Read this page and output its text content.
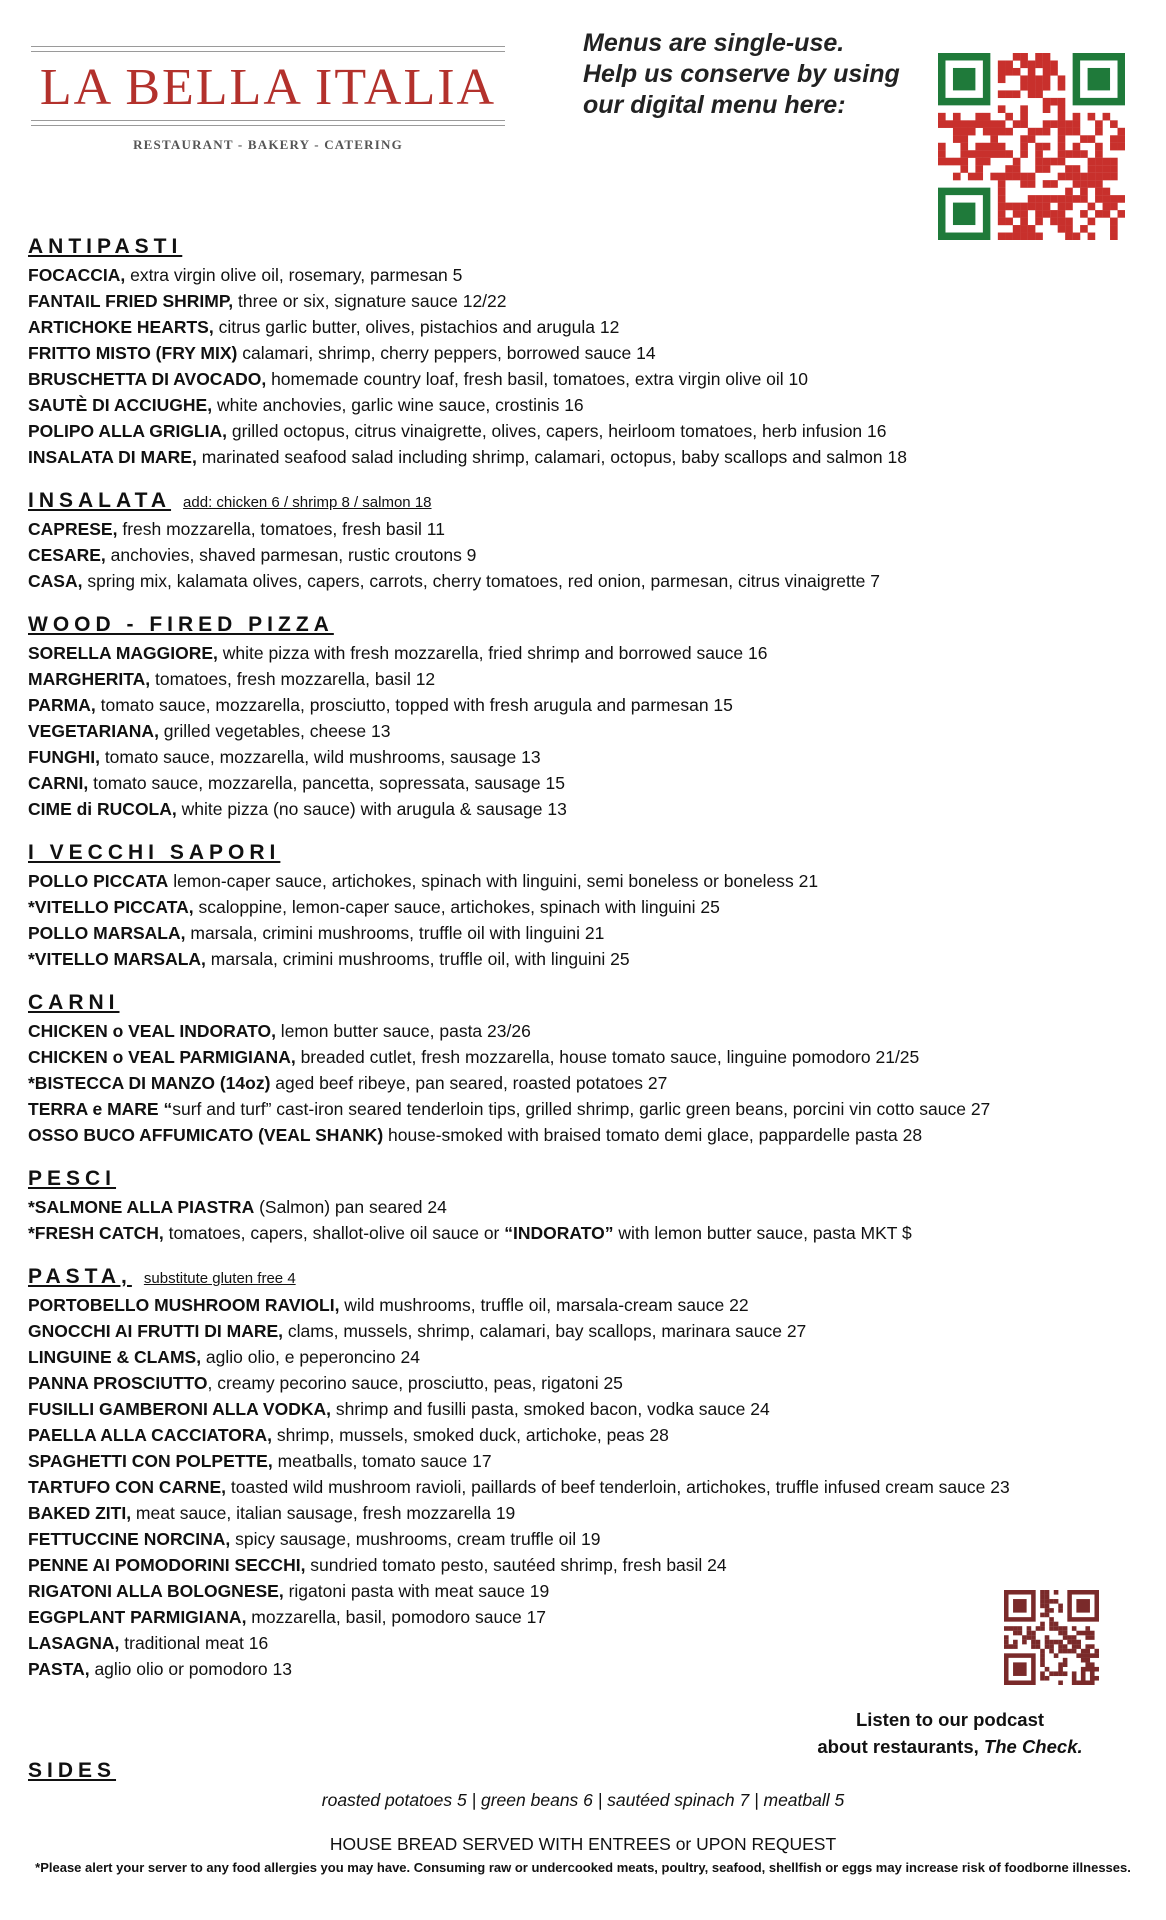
LA BELLA ITALIA
RESTAURANT - BAKERY - CATERING
Menus are single-use.
Help us conserve by using
our digital menu here:
ANTIPASTI
FOCACCIA, extra virgin olive oil, rosemary, parmesan 5
FANTAIL FRIED SHRIMP, three or six, signature sauce 12/22
ARTICHOKE HEARTS, citrus garlic butter, olives, pistachios and arugula 12
FRITTO MISTO (FRY MIX) calamari, shrimp, cherry peppers, borrowed sauce 14
BRUSCHETTA DI AVOCADO, homemade country loaf, fresh basil, tomatoes, extra virgin olive oil 10
SAUTÈ DI ACCIUGHE, white anchovies, garlic wine sauce, crostinis 16
POLIPO ALLA GRIGLIA, grilled octopus, citrus vinaigrette, olives, capers, heirloom tomatoes, herb infusion 16
INSALATA DI MARE, marinated seafood salad including shrimp, calamari, octopus, baby scallops and salmon 18
INSALATA add: chicken 6 / shrimp 8 / salmon 18
CAPRESE, fresh mozzarella, tomatoes, fresh basil 11
CESARE, anchovies, shaved parmesan, rustic croutons 9
CASA, spring mix, kalamata olives, capers, carrots, cherry tomatoes, red onion, parmesan, citrus vinaigrette 7
WOOD - FIRED PIZZA
SORELLA MAGGIORE, white pizza with fresh mozzarella, fried shrimp and borrowed sauce 16
MARGHERITA, tomatoes, fresh mozzarella, basil 12
PARMA, tomato sauce, mozzarella, prosciutto, topped with fresh arugula and parmesan 15
VEGETARIANA, grilled vegetables, cheese 13
FUNGHI, tomato sauce, mozzarella, wild mushrooms, sausage 13
CARNI, tomato sauce, mozzarella, pancetta, sopressata, sausage 15
CIME di RUCOLA, white pizza (no sauce) with arugula & sausage 13
I VECCHI SAPORI
POLLO PICCATA lemon-caper sauce, artichokes, spinach with linguini, semi boneless or boneless 21
*VITELLO PICCATA, scaloppine, lemon-caper sauce, artichokes, spinach with linguini 25
POLLO MARSALA, marsala, crimini mushrooms, truffle oil with linguini 21
*VITELLO MARSALA, marsala, crimini mushrooms, truffle oil, with linguini 25
CARNI
CHICKEN o VEAL INDORATO, lemon butter sauce, pasta 23/26
CHICKEN o VEAL PARMIGIANA, breaded cutlet, fresh mozzarella, house tomato sauce, linguine pomodoro 21/25
*BISTECCA DI MANZO (14oz) aged beef ribeye, pan seared, roasted potatoes 27
TERRA e MARE “surf and turf” cast-iron seared tenderloin tips, grilled shrimp, garlic green beans, porcini vin cotto sauce 27
OSSO BUCO AFFUMICATO (VEAL SHANK) house-smoked with braised tomato demi glace, pappardelle pasta 28
PESCI
*SALMONE ALLA PIASTRA (Salmon) pan seared 24
*FRESH CATCH, tomatoes, capers, shallot-olive oil sauce or “INDORATO” with lemon butter sauce, pasta MKT $
PASTA, substitute gluten free 4
PORTOBELLO MUSHROOM RAVIOLI, wild mushrooms, truffle oil, marsala-cream sauce 22
GNOCCHI AI FRUTTI DI MARE, clams, mussels, shrimp, calamari, bay scallops, marinara sauce 27
LINGUINE & CLAMS, aglio olio, e peperoncino 24
PANNA PROSCIUTTO, creamy pecorino sauce, prosciutto, peas, rigatoni 25
FUSILLI GAMBERONI ALLA VODKA, shrimp and fusilli pasta, smoked bacon, vodka sauce 24
PAELLA ALLA CACCIATORA, shrimp, mussels, smoked duck, artichoke, peas 28
SPAGHETTI CON POLPETTE, meatballs, tomato sauce 17
TARTUFO CON CARNE, toasted wild mushroom ravioli, paillards of beef tenderloin, artichokes, truffle infused cream sauce 23
BAKED ZITI, meat sauce, italian sausage, fresh mozzarella 19
FETTUCCINE NORCINA, spicy sausage, mushrooms, cream truffle oil 19
PENNE AI POMODORINI SECCHI, sundried tomato pesto, sautéed shrimp, fresh basil 24
RIGATONI ALLA BOLOGNESE, rigatoni pasta with meat sauce 19
EGGPLANT PARMIGIANA, mozzarella, basil, pomodoro sauce 17
LASAGNA, traditional meat 16
PASTA, aglio olio or pomodoro 13
Listen to our podcast
about restaurants, The Check.
SIDES
roasted potatoes 5 | green beans 6 | sautéed spinach 7 | meatball 5
HOUSE BREAD SERVED WITH ENTREES or UPON REQUEST
*Please alert your server to any food allergies you may have. Consuming raw or undercooked meats, poultry, seafood, shellfish or eggs may increase risk of foodborne illnesses.
